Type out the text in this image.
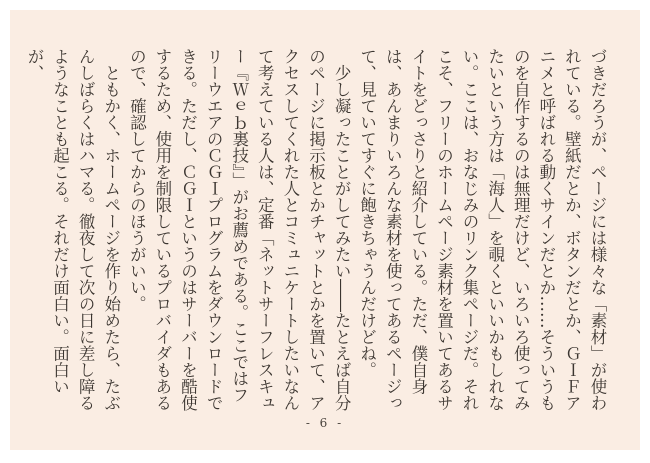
づきだろうが、ページには様々な「素材」が使われている。壁紙だとか、ボタンだとか、ＧＩＦアニメと呼ばれる動くサインだとか……そういうものを自作するのは無理だけど、いろいろ使ってみたいという方は「海人」を覗くといいかもしれない。ここは、おなじみのリンク集ページだ。それこそ、フリーのホームページ素材を置いてあるサイトをどっさりと紹介している。ただ、僕自身は、あんまりいろんな素材を使ってあるページって、見ていてすぐに飽きちゃうんだけどね。

　少し凝ったことがしてみたい――たとえば自分のページに掲示板とかチャットとかを置いて、アクセスしてくれた人とコミュニケートしたいなんて考えている人は、定番「ネットサーフレスキュー『Ｗｅｂ裏技』」がお薦めである。ここではフリーウエアのＣＧＩプログラムをダウンロードできる。ただし、ＣＧＩというのはサーバーを酷使するため、使用を制限しているプロバイダもあるので、確認してからのほうがいい。

　ともかく、ホームページを作り始めたら、たぶんしばらくはハマる。徹夜して次の日に差し障るようなことも起こる。それだけ面白い。面白いが、

- 6 -
